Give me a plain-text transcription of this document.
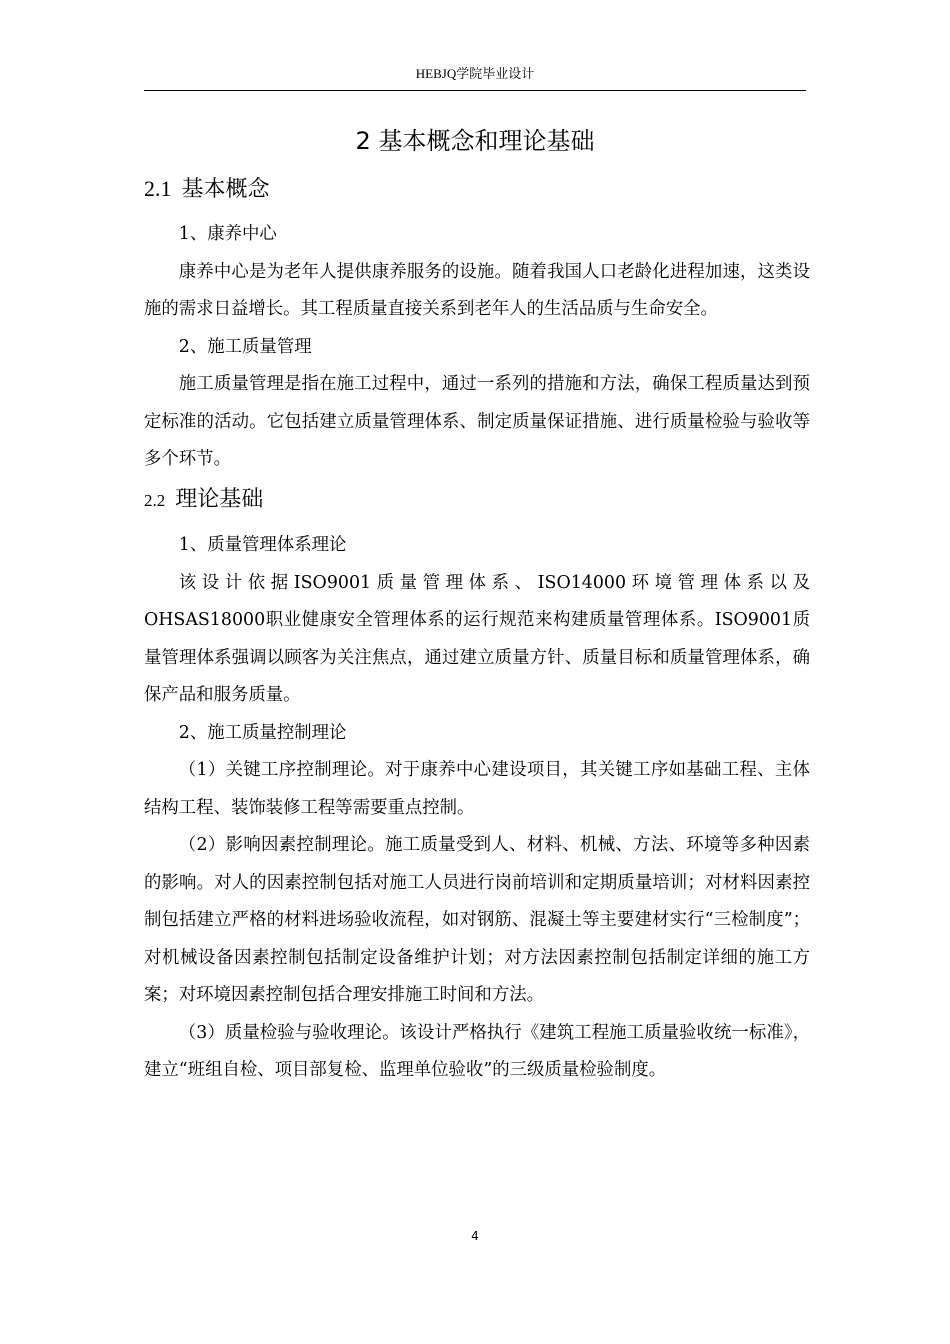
HEBJQ学院毕业设计
2 基本概念和理论基础
2.1 基本概念

1、康养中心

康养中心是为老年人提供康养服务的设施。随着我国人口老龄化进程加速，这类设施的需求日益增长。其工程质量直接关系到老年人的生活品质与生命安全。

2、施工质量管理

施工质量管理是指在施工过程中，通过一系列的措施和方法，确保工程质量达到预定标准的活动。它包括建立质量管理体系、制定质量保证措施、进行质量检验与验收等多个环节。

2.2 理论基础

1、质量管理体系理论

该设计依据ISO9001质量管理体系、ISO14000环境管理体系以及OHSAS18000职业健康安全管理体系的运行规范来构建质量管理体系。ISO9001质量管理体系强调以顾客为关注焦点，通过建立质量方针、质量目标和质量管理体系，确保产品和服务质量。

2、施工质量控制理论

（1）关键工序控制理论。对于康养中心建设项目，其关键工序如基础工程、主体结构工程、装饰装修工程等需要重点控制。

（2）影响因素控制理论。施工质量受到人、材料、机械、方法、环境等多种因素的影响。对人的因素控制包括对施工人员进行岗前培训和定期质量培训；对材料因素控制包括建立严格的材料进场验收流程，如对钢筋、混凝土等主要建材实行“三检制度”；对机械设备因素控制包括制定设备维护计划；对方法因素控制包括制定详细的施工方案；对环境因素控制包括合理安排施工时间和方法。

（3）质量检验与验收理论。该设计严格执行《建筑工程施工质量验收统一标准》，建立“班组自检、项目部复检、监理单位验收”的三级质量检验制度。

4
